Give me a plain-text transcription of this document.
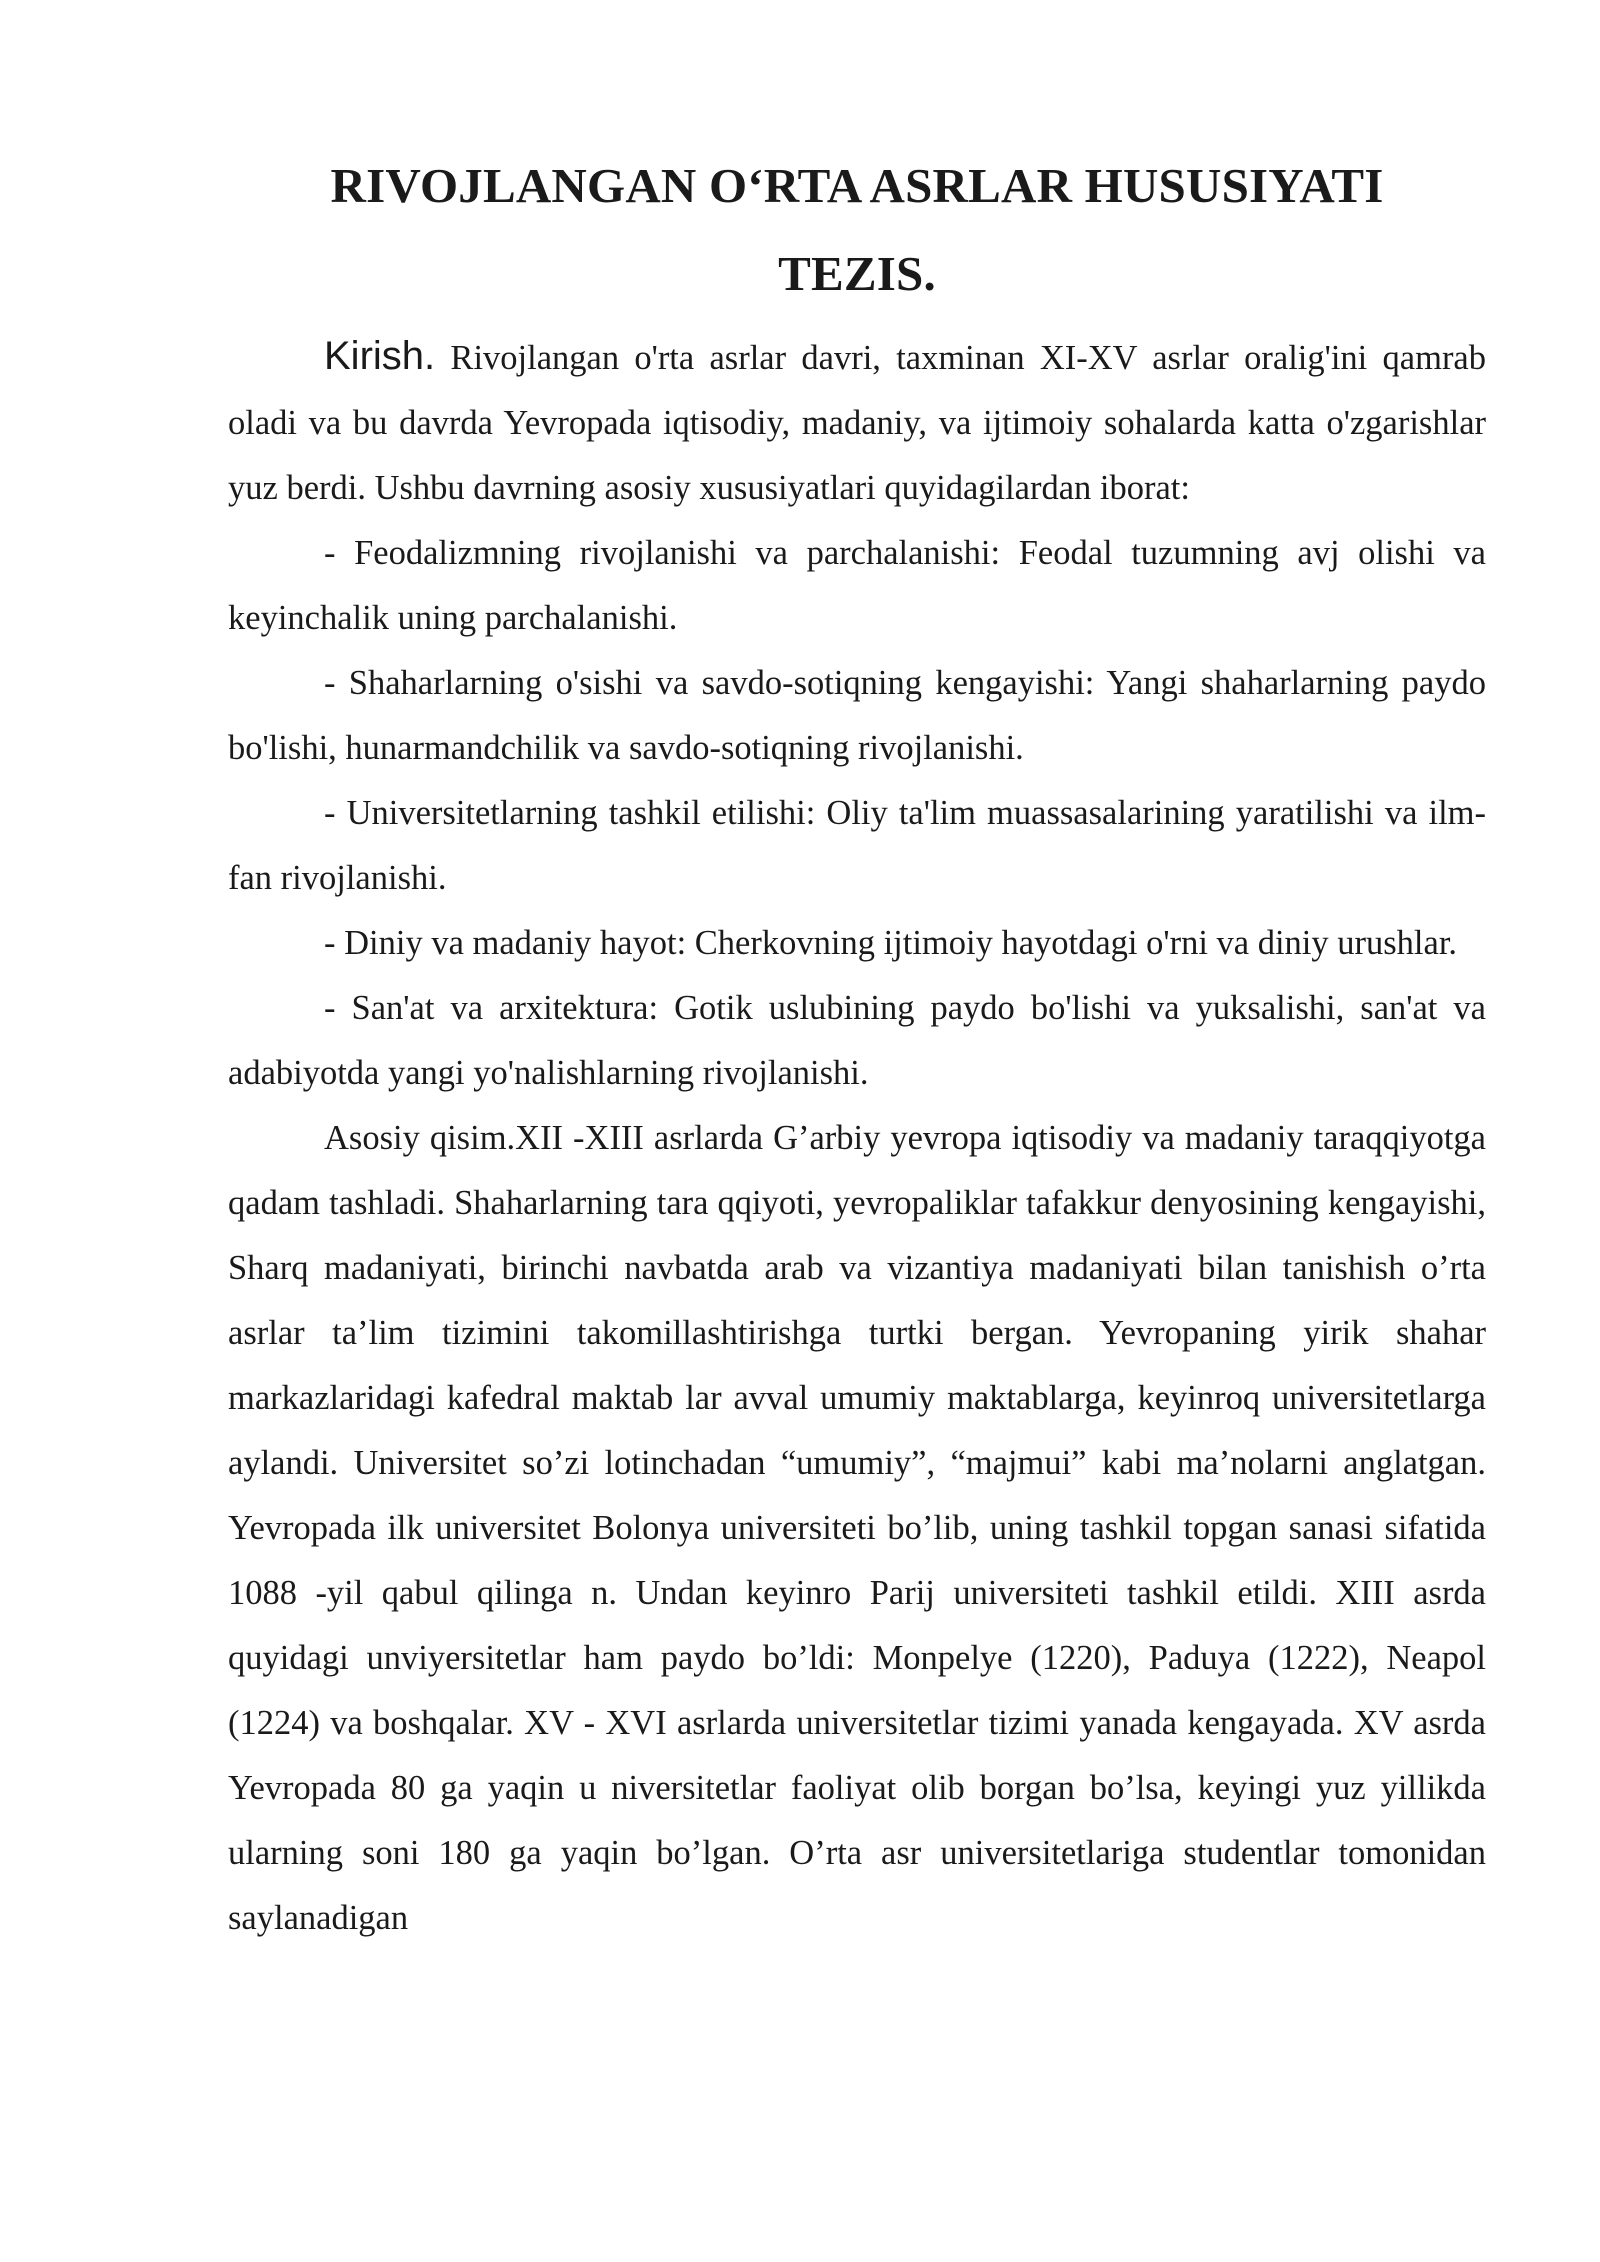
RIVOJLANGAN O‘RTA ASRLAR HUSUSIYATI
TEZIS.

Kirish. Rivojlangan o'rta asrlar davri, taxminan XI-XV asrlar oralig'ini qamrab oladi va bu davrda Yevropada iqtisodiy, madaniy, va ijtimoiy sohalarda katta o'zgarishlar yuz berdi. Ushbu davrning asosiy xususiyatlari quyidagilardan iborat:

- Feodalizmning rivojlanishi va parchalanishi: Feodal tuzumning avj olishi va keyinchalik uning parchalanishi.

- Shaharlarning o'sishi va savdo-sotiqning kengayishi: Yangi shaharlarning paydo bo'lishi, hunarmandchilik va savdo-sotiqning rivojlanishi.

- Universitetlarning tashkil etilishi: Oliy ta'lim muassasalarining yaratilishi va ilm-fan rivojlanishi.

- Diniy va madaniy hayot: Cherkovning ijtimoiy hayotdagi o'rni va diniy urushlar.

- San'at va arxitektura: Gotik uslubining paydo bo'lishi va yuksalishi, san'at va adabiyotda yangi yo'nalishlarning rivojlanishi.

Asosiy qisim.XII -XIII asrlarda G’arbiy yevropa iqtisodiy va madaniy taraqqiyotga qadam tashladi. Shaharlarning tara qqiyoti, yevropaliklar tafakkur denyosining kengayishi, Sharq madaniyati, birinchi navbatda arab va vizantiya madaniyati bilan tanishish o’rta asrlar ta’lim tizimini takomillashtirishga turtki bergan. Yevropaning yirik shahar markazlaridagi kafedral maktab lar avval umumiy maktablarga, keyinroq universitetlarga aylandi. Universitet so’zi lotinchadan “umumiy”, “majmui” kabi ma’nolarni anglatgan. Yevropada ilk universitet Bolonya universiteti bo’lib, uning tashkil topgan sanasi sifatida 1088 -yil qabul qilinga n. Undan keyinro Parij universiteti tashkil etildi. XIII asrda quyidagi unviyersitetlar ham paydo bo’ldi: Monpelye (1220), Paduya (1222), Neapol (1224) va boshqalar. XV - XVI asrlarda universitetlar tizimi yanada kengayada. XV asrda Yevropada 80 ga yaqin u niversitetlar faoliyat olib borgan bo’lsa, keyingi yuz yillikda ularning soni 180 ga yaqin bo’lgan. O’rta asr universitetlariga studentlar tomonidan saylanadigan
